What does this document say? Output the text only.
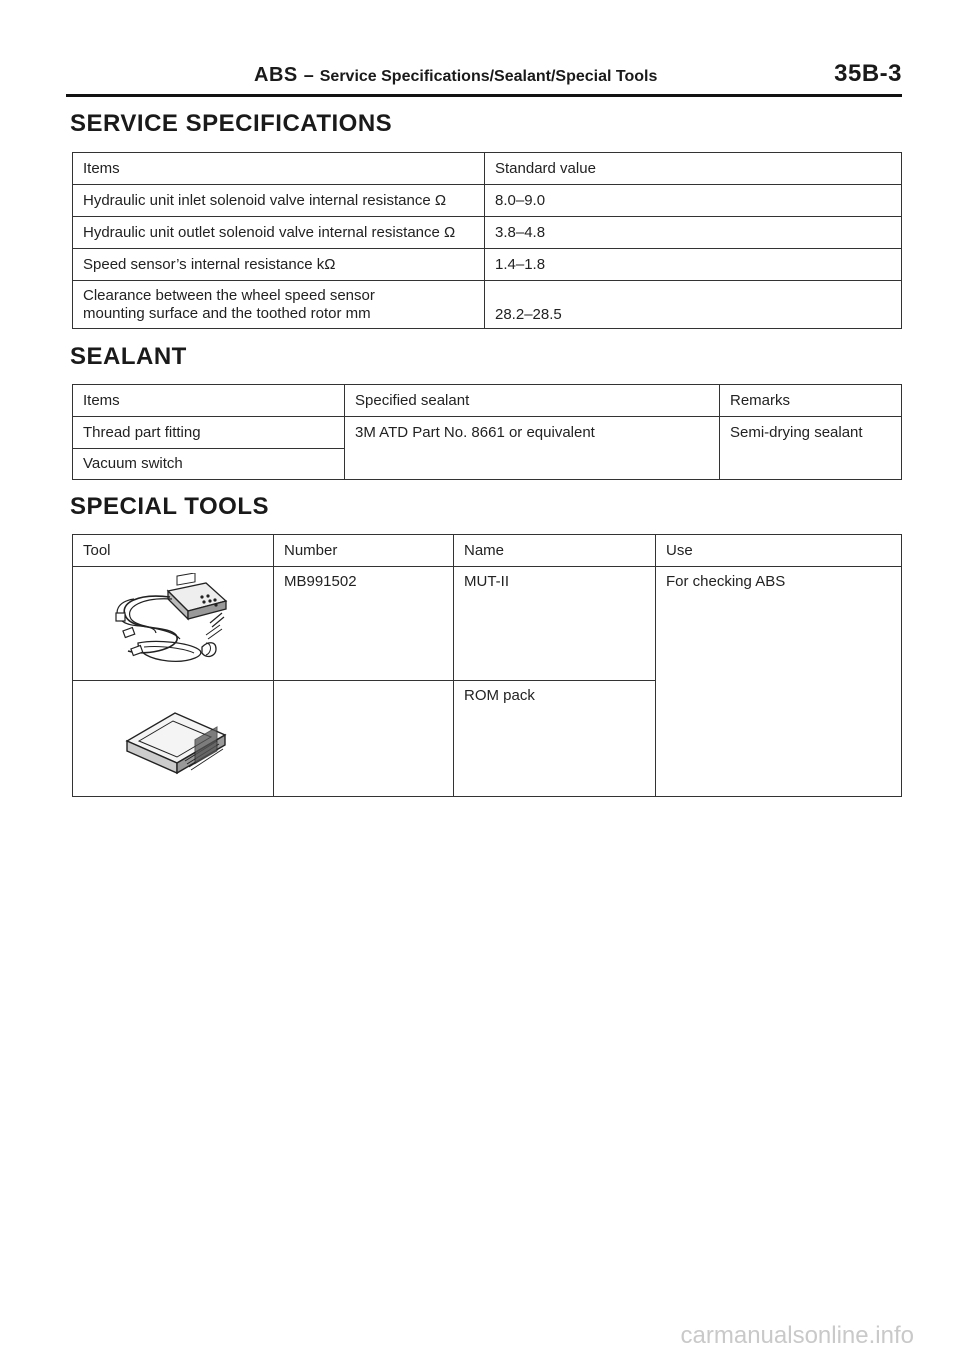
ABS – Service Specifications/Sealant/Special Tools	35B-3
SERVICE SPECIFICATIONS
Items	Standard value
Hydraulic unit inlet solenoid valve internal resistance Ω	8.0–9.0
Hydraulic unit outlet solenoid valve internal resistance Ω	3.8–4.8
Speed sensor’s internal resistance kΩ	1.4–1.8

Clearance between the wheel speed sensor
mounting surface and the toothed rotor mm	28.2–28.5
SEALANT
Items	Specified sealant	Remarks
Thread part fitting	3M ATD Part No. 8661 or equivalent	Semi-drying sealant
Vacuum switch		
SPECIAL TOOLS
Tool	Number	Name	Use

	MB991502	MUT-II	For checking ABS

		ROM pack	
carmanualsonline.info
